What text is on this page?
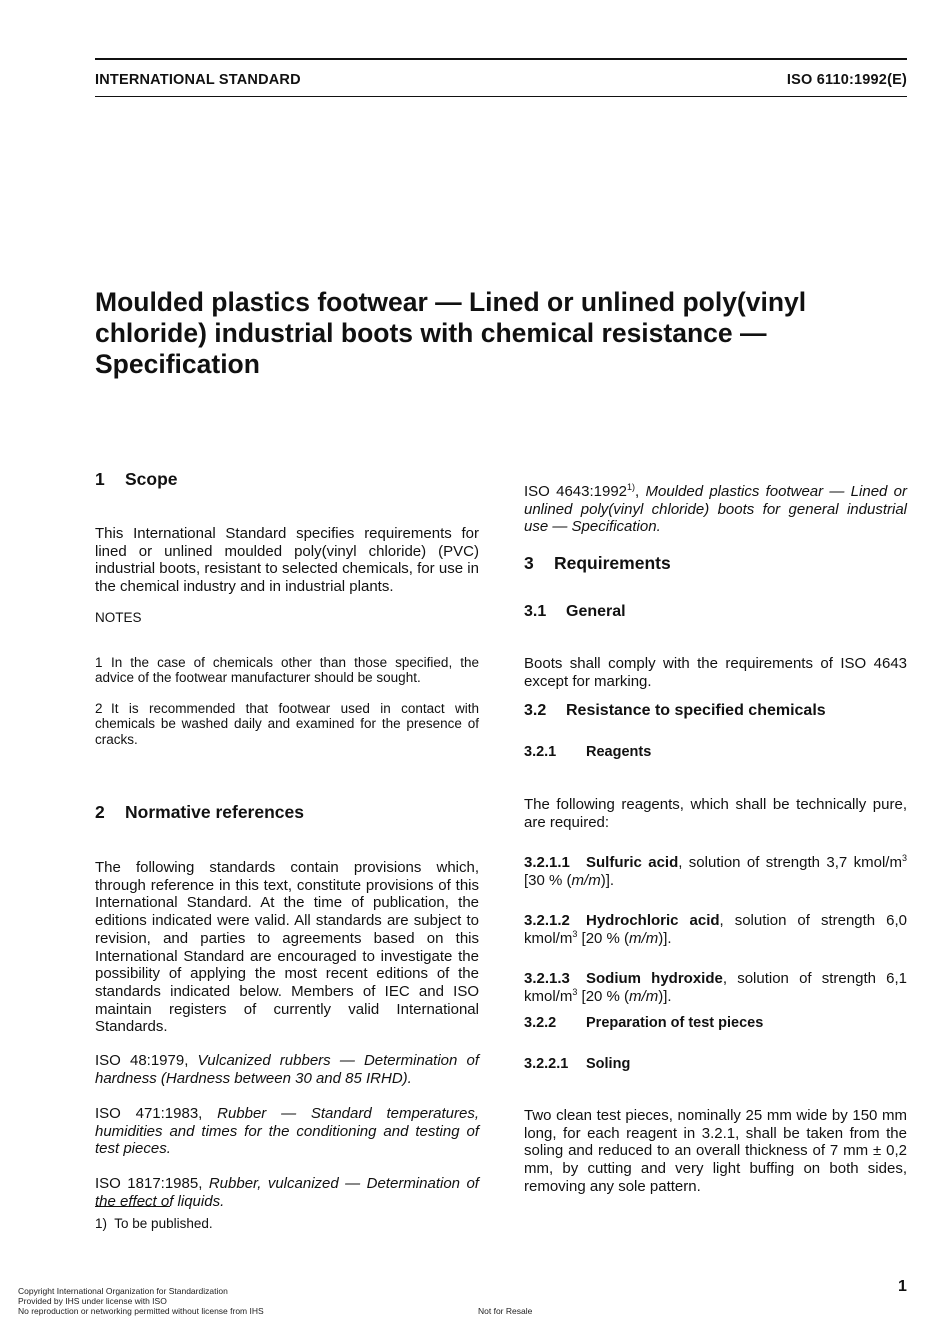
INTERNATIONAL STANDARD	ISO 6110:1992(E)
Moulded plastics footwear — Lined or unlined poly(vinyl
chloride) industrial boots with chemical resistance —
Specification
1 Scope

This International Standard specifies requirements for lined or unlined moulded poly(vinyl chloride) (PVC) industrial boots, resistant to selected chemicals, for use in the chemical industry and in industrial plants.

NOTES

1 In the case of chemicals other than those specified, the advice of the footwear manufacturer should be sought.

2 It is recommended that footwear used in contact with chemicals be washed daily and examined for the presence of cracks.

2 Normative references

The following standards contain provisions which, through reference in this text, constitute provisions of this International Standard. At the time of publication, the editions indicated were valid. All standards are subject to revision, and parties to agreements based on this International Standard are encouraged to investigate the possibility of applying the most recent editions of the standards indicated below. Members of IEC and ISO maintain registers of currently valid International Standards.

ISO 48:1979, Vulcanized rubbers — Determination of hardness (Hardness between 30 and 85 IRHD).

ISO 471:1983, Rubber — Standard temperatures, humidities and times for the conditioning and testing of test pieces.

ISO 1817:1985, Rubber, vulcanized — Determination of the effect of liquids.

1) To be published.

ISO 4643:1992$^{1)}$, Moulded plastics footwear — Lined or unlined poly(vinyl chloride) boots for general industrial use — Specification.

3 Requirements
3.1 General

Boots shall comply with the requirements of ISO 4643 except for marking.

3.2 Resistance to specified chemicals
3.2.1 Reagents

The following reagents, which shall be technically pure, are required:

3.2.1.1 Sulfuric acid, solution of strength 3,7 kmol/$m^3$ [30 % (m/m)].

3.2.1.2 Hydrochloric acid, solution of strength 6,0 kmol/$m^3$ [20 % (m/m)].

3.2.1.3 Sodium hydroxide, solution of strength 6,1 kmol/$m^3$ [20 % (m/m)].

3.2.2 Preparation of test pieces
3.2.2.1 Soling

Two clean test pieces, nominally 25 mm wide by 150 mm long, for each reagent in 3.2.1, shall be taken from the soling and reduced to an overall thickness of 7 mm ± 0,2 mm, by cutting and very light buffing on both sides, removing any sole pattern.

Copyright International Organization for Standardization
Provided by IHS under license with ISO
No reproduction or networking permitted without license from IHS	Not for Resale
1
